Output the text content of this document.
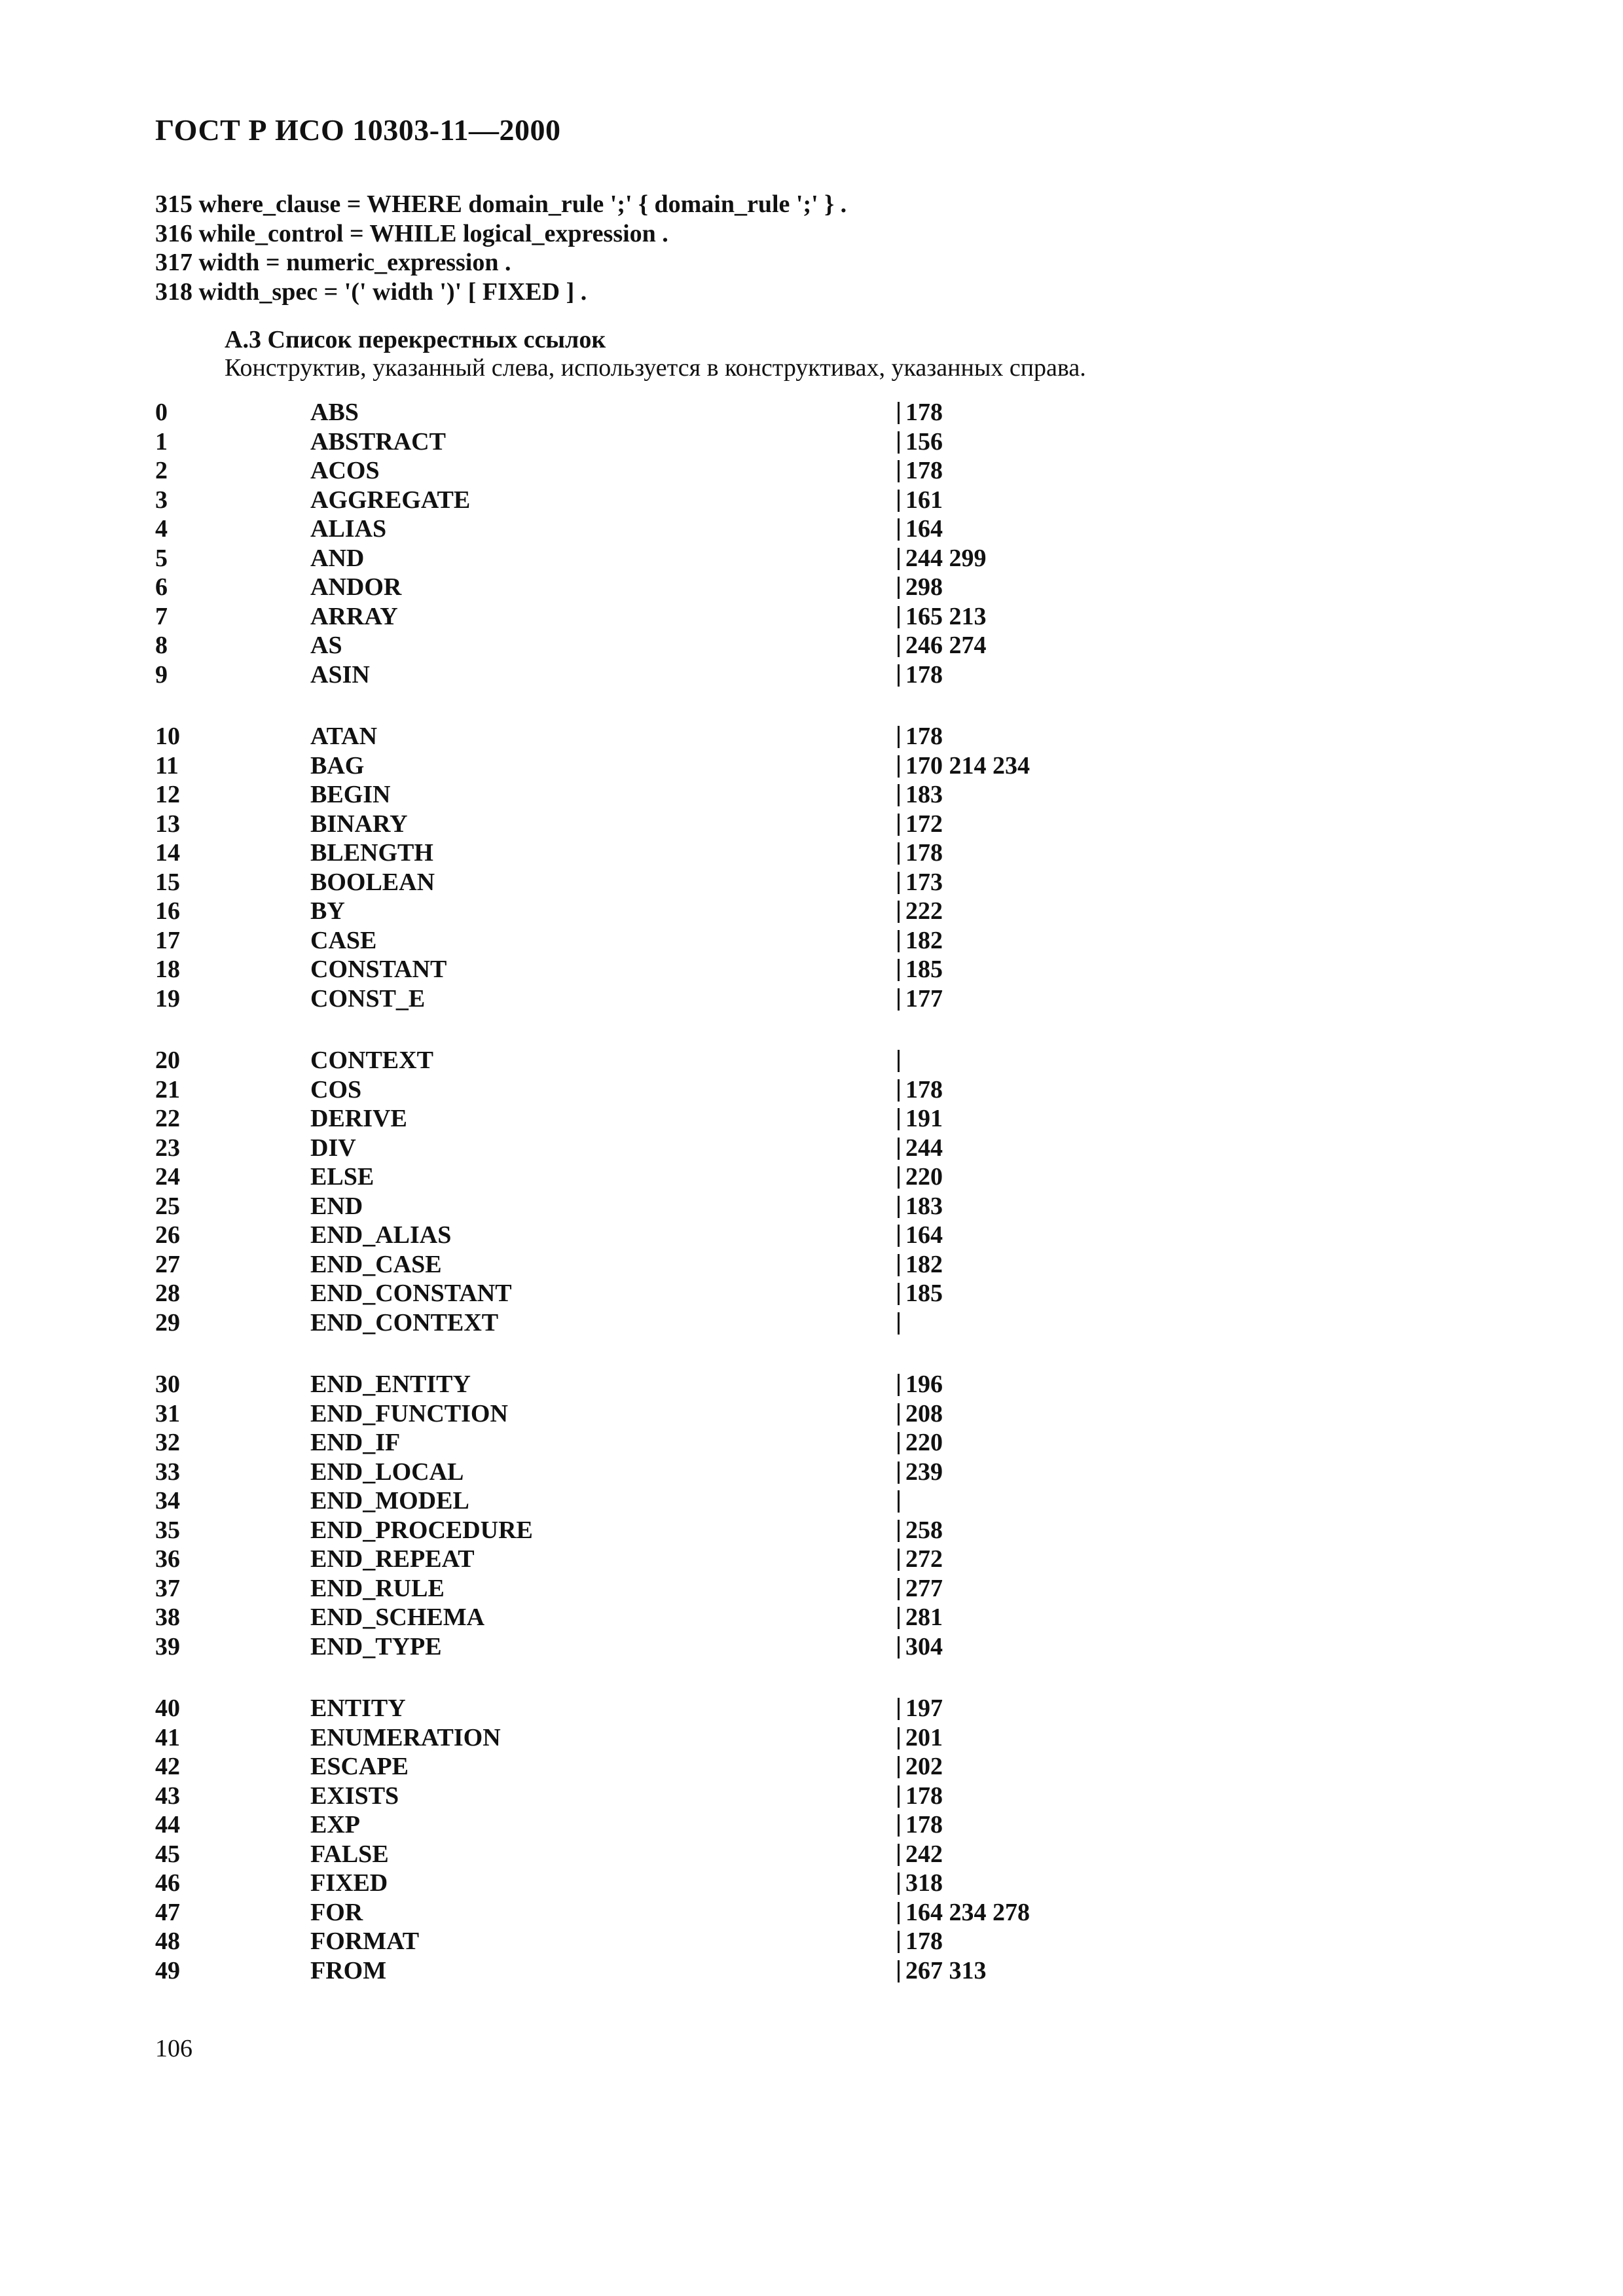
ГОСТ Р ИСО 10303-11—2000
315 where_clause = WHERE domain_rule ';' { domain_rule ';' } .
316 while_control = WHILE logical_expression .
317 width = numeric_expression .
318 width_spec = '(' width ')' [ FIXED ] .
А.3 Список перекрестных ссылок
Конструктив, указанный слева, используется в конструктивах, указанных справа.
0	ABS	178
1	ABSTRACT	156
2	ACOS	178
3	AGGREGATE	161
4	ALIAS	164
5	AND	244 299
6	ANDOR	298
7	ARRAY	165 213
8	AS	246 274
9	ASIN	178
10	ATAN	178
11	BAG	170 214 234
12	BEGIN	183
13	BINARY	172
14	BLENGTH	178
15	BOOLEAN	173
16	BY	222
17	CASE	182
18	CONSTANT	185
19	CONST_E	177
20	CONTEXT
21	COS	178
22	DERIVE	191
23	DIV	244
24	ELSE	220
25	END	183
26	END_ALIAS	164
27	END_CASE	182
28	END_CONSTANT	185
29	END_CONTEXT
30	END_ENTITY	196
31	END_FUNCTION	208
32	END_IF	220
33	END_LOCAL	239
34	END_MODEL
35	END_PROCEDURE	258
36	END_REPEAT	272
37	END_RULE	277
38	END_SCHEMA	281
39	END_TYPE	304
40	ENTITY	197
41	ENUMERATION	201
42	ESCAPE	202
43	EXISTS	178
44	EXP	178
45	FALSE	242
46	FIXED	318
47	FOR	164 234 278
48	FORMAT	178
49	FROM	267 313
106
